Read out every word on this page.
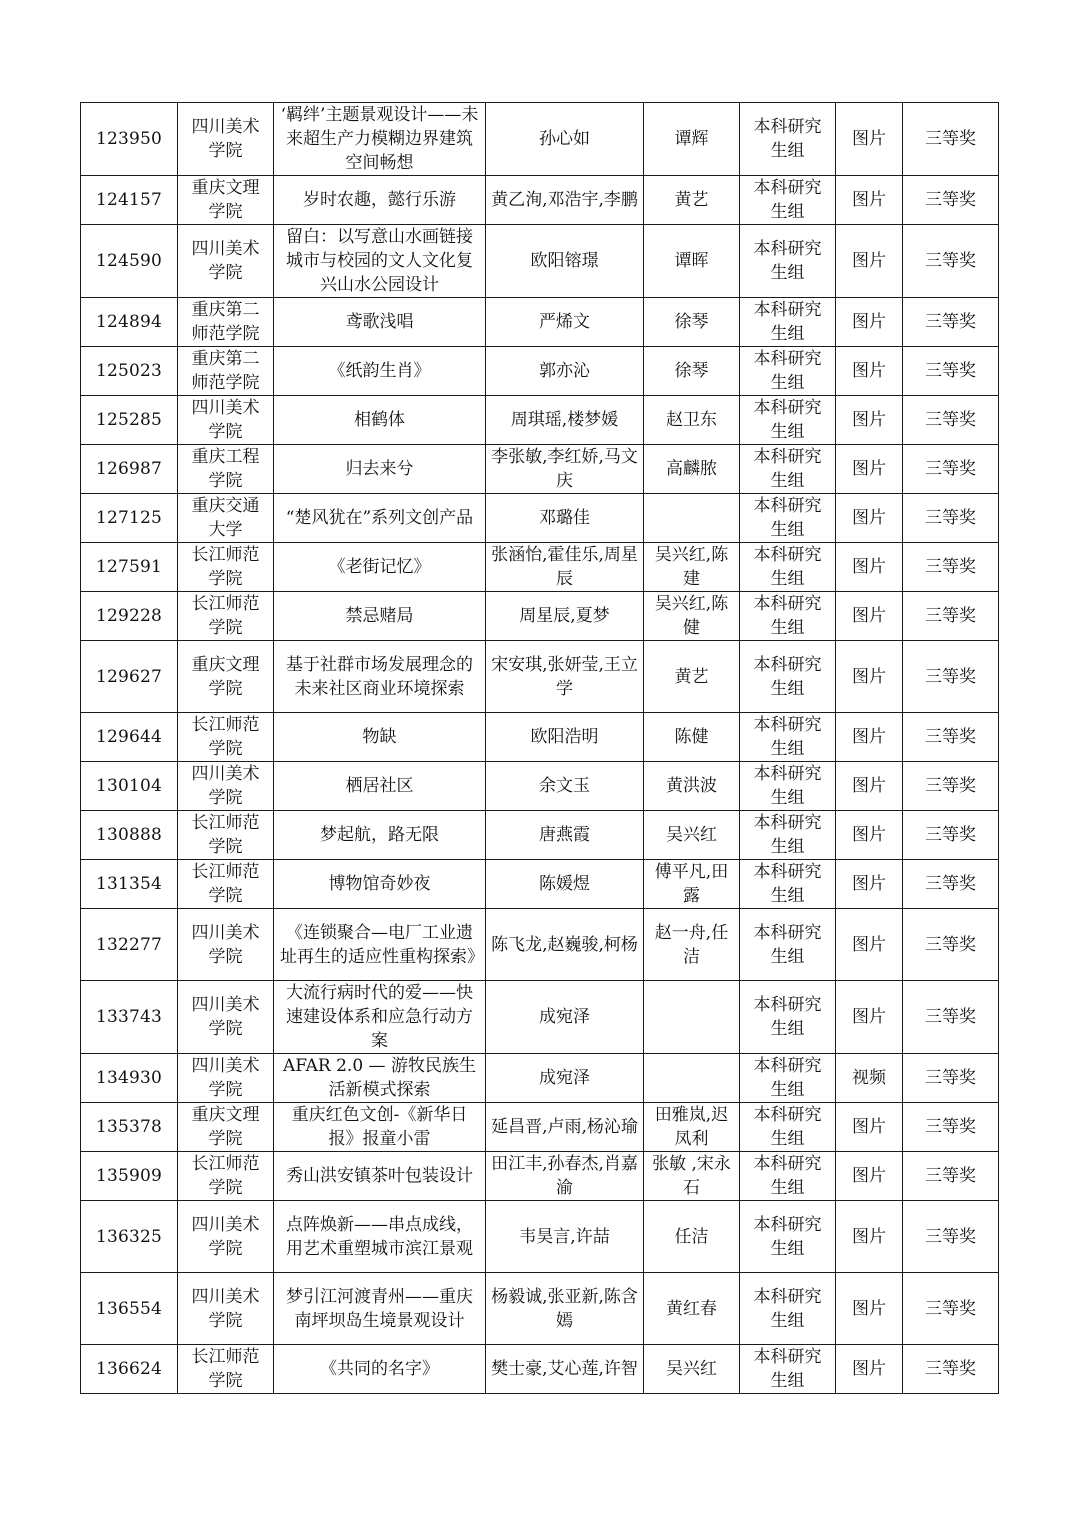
123950	四川美术学院	‘羁绊’主题景观设计——未来超生产力模糊边界建筑空间畅想	孙心如	谭辉	本科研究生组	图片	三等奖
124157	重庆文理学院	岁时农趣，懿行乐游	黄乙洵,邓浩宇,李鹏	黄艺	本科研究生组	图片	三等奖
124590	四川美术学院	留白：以写意山水画链接城市与校园的文人文化复兴山水公园设计	欧阳镕璟	谭晖	本科研究生组	图片	三等奖
124894	重庆第二师范学院	鸢歌浅唱	严烯文	徐琴	本科研究生组	图片	三等奖
125023	重庆第二师范学院	《纸韵生肖》	郭亦沁	徐琴	本科研究生组	图片	三等奖
125285	四川美术学院	相鹤体	周琪瑶,楼梦媛	赵卫东	本科研究生组	图片	三等奖
126987	重庆工程学院	归去来兮	李张敏,李红娇,马文庆	高麟脓	本科研究生组	图片	三等奖
127125	重庆交通大学	“楚风犹在”系列文创产品	邓璐佳		本科研究生组	图片	三等奖
127591	长江师范学院	《老街记忆》	张涵怡,霍佳乐,周星辰	吴兴红,陈建	本科研究生组	图片	三等奖
129228	长江师范学院	禁忌赌局	周星辰,夏梦	吴兴红,陈健	本科研究生组	图片	三等奖
129627	重庆文理学院	基于社群市场发展理念的未来社区商业环境探索	宋安琪,张妍莹,王立学	黄艺	本科研究生组	图片	三等奖
129644	长江师范学院	物缺	欧阳浩明	陈健	本科研究生组	图片	三等奖
130104	四川美术学院	栖居社区	余文玉	黄洪波	本科研究生组	图片	三等奖
130888	长江师范学院	梦起航，路无限	唐燕霞	吴兴红	本科研究生组	图片	三等奖
131354	长江师范学院	博物馆奇妙夜	陈媛煜	傅平凡,田露	本科研究生组	图片	三等奖
132277	四川美术学院	《连锁聚合—电厂工业遗址再生的适应性重构探索》	陈飞龙,赵巍骏,柯杨	赵一舟,任洁	本科研究生组	图片	三等奖
133743	四川美术学院	大流行病时代的爱——快速建设体系和应急行动方案	成宛泽		本科研究生组	图片	三等奖
134930	四川美术学院	AFAR 2.0 — 游牧民族生活新模式探索	成宛泽		本科研究生组	视频	三等奖
135378	重庆文理学院	重庆红色文创-《新华日报》报童小雷	延昌晋,卢雨,杨沁瑜	田雅岚,迟凤利	本科研究生组	图片	三等奖
135909	长江师范学院	秀山洪安镇茶叶包装设计	田江丰,孙春杰,肖嘉渝	张敏 ,宋永石	本科研究生组	图片	三等奖
136325	四川美术学院	点阵焕新——串点成线，用艺术重塑城市滨江景观	韦昊言,许喆	任洁	本科研究生组	图片	三等奖
136554	四川美术学院	梦引江河渡青州——重庆南坪坝岛生境景观设计	杨毅诚,张亚新,陈含嫣	黄红春	本科研究生组	图片	三等奖
136624	长江师范学院	《共同的名字》	樊士豪,艾心莲,许智	吴兴红	本科研究生组	图片	三等奖
